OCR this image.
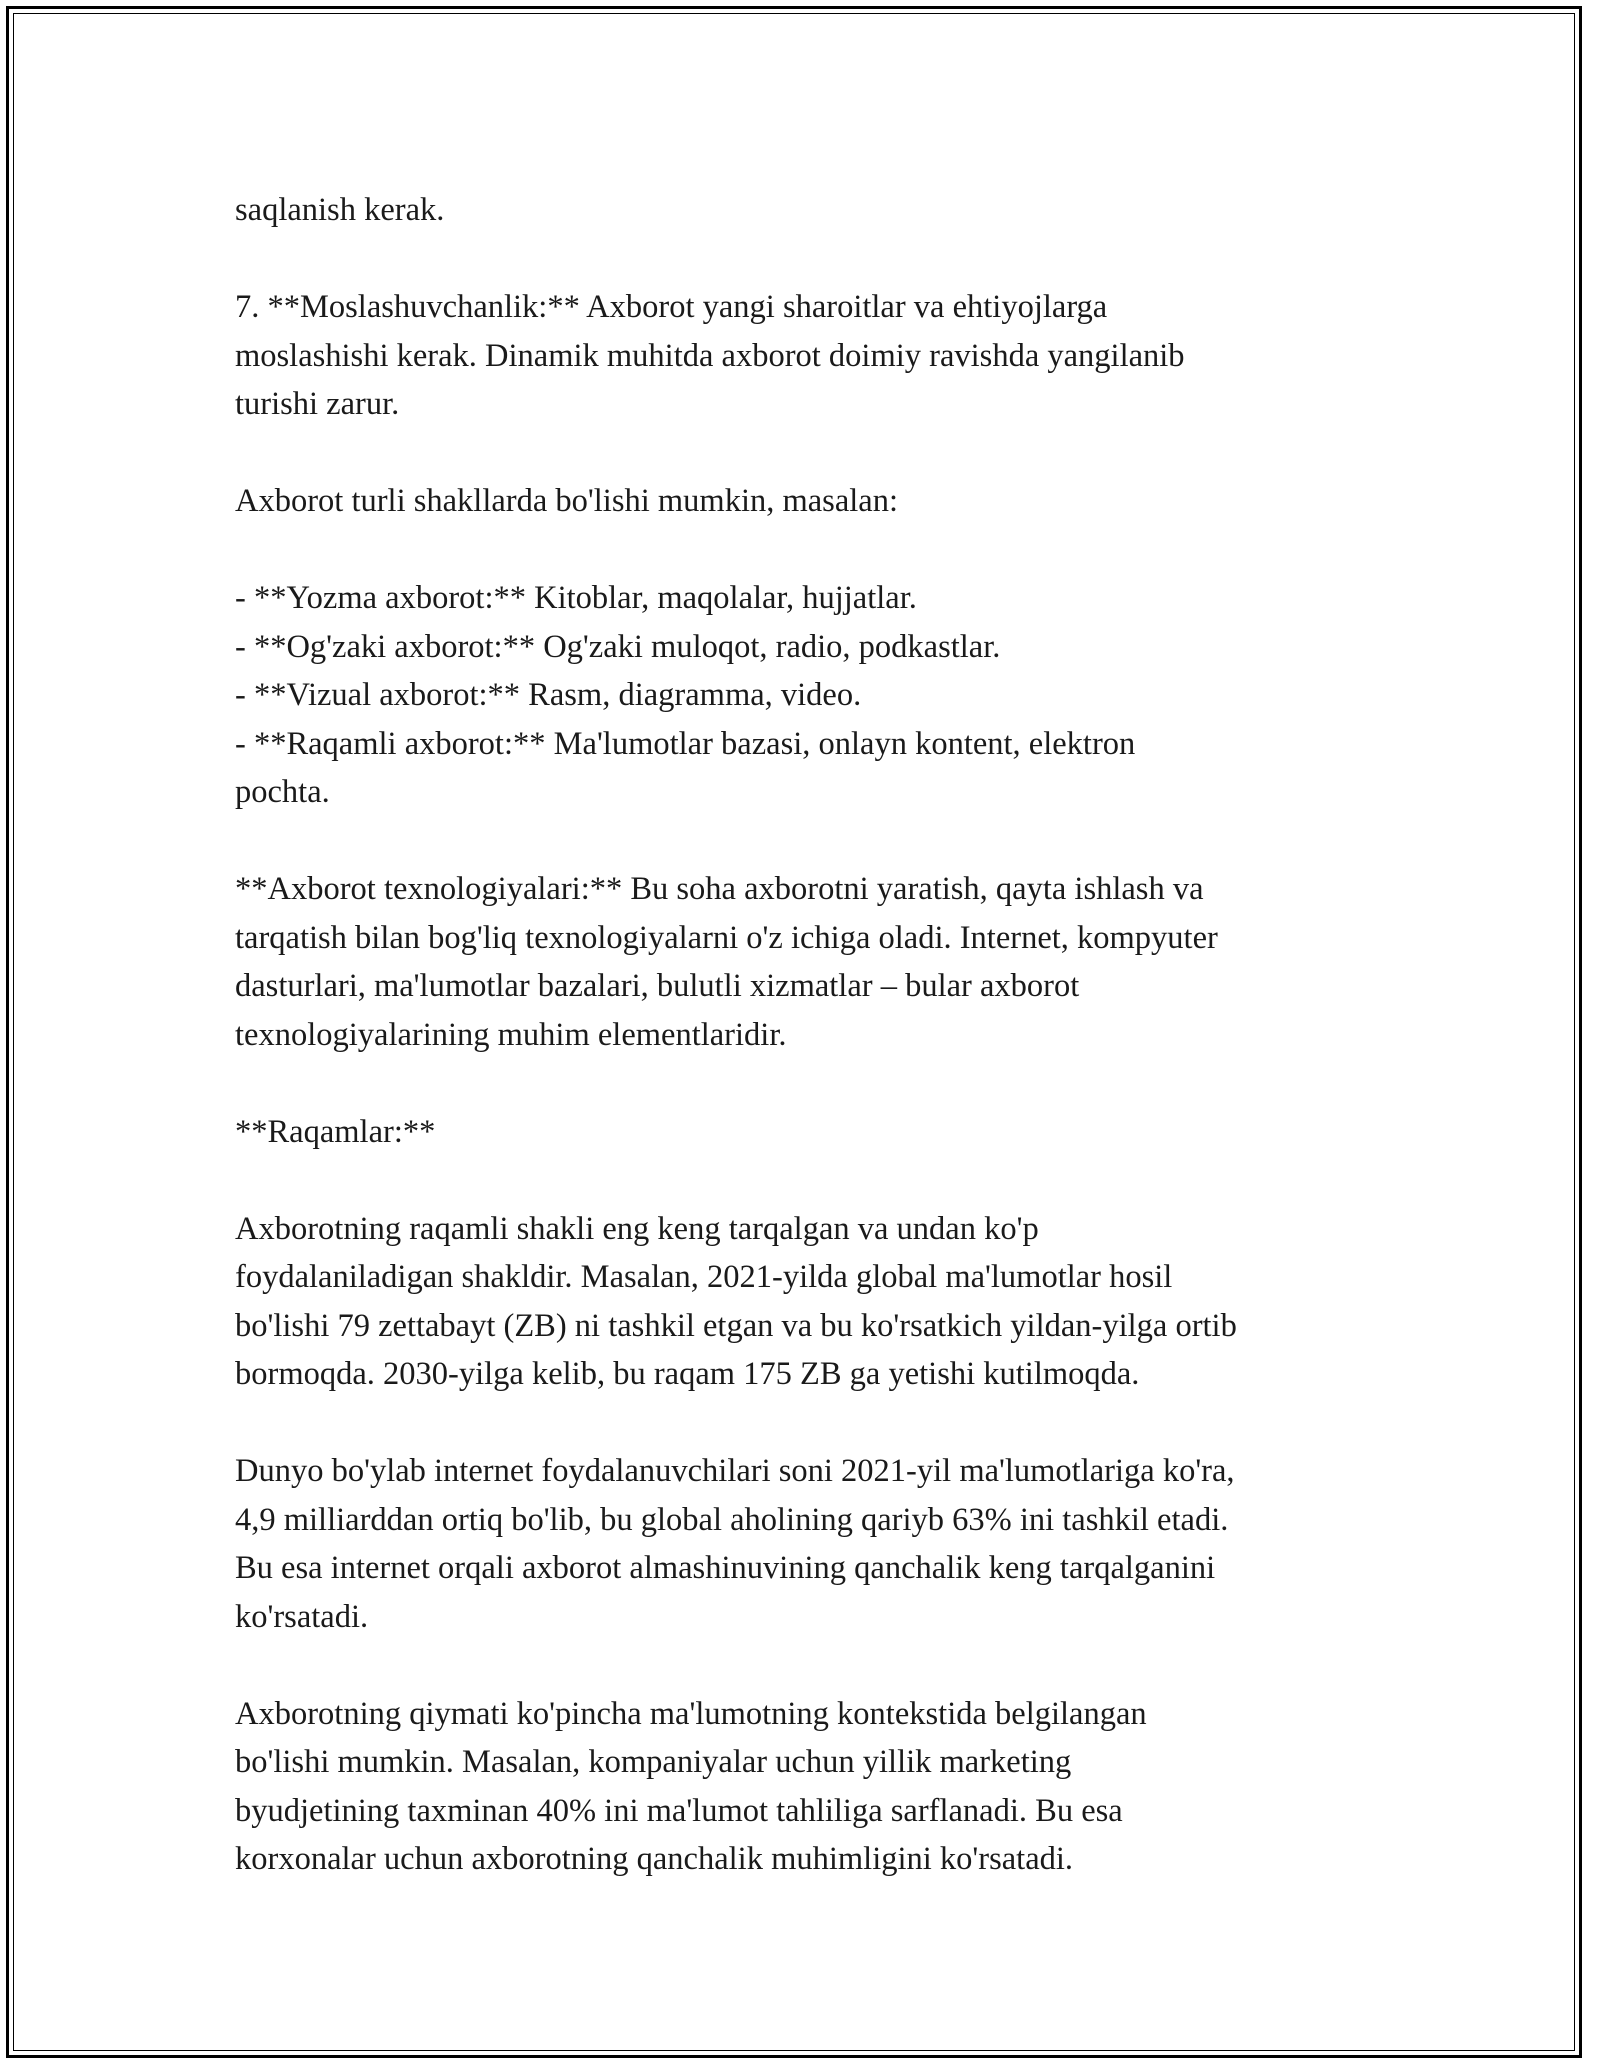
saqlanish kerak.

7. **Moslashuvchanlik:** Axborot yangi sharoitlar va ehtiyojlarga
moslashishi kerak. Dinamik muhitda axborot doimiy ravishda yangilanib
turishi zarur.

Axborot turli shakllarda bo'lishi mumkin, masalan:

- **Yozma axborot:** Kitoblar, maqolalar, hujjatlar.
- **Og'zaki axborot:** Og'zaki muloqot, radio, podkastlar.
- **Vizual axborot:** Rasm, diagramma, video.
- **Raqamli axborot:** Ma'lumotlar bazasi, onlayn kontent, elektron
pochta.

**Axborot texnologiyalari:** Bu soha axborotni yaratish, qayta ishlash va
tarqatish bilan bog'liq texnologiyalarni o'z ichiga oladi. Internet, kompyuter
dasturlari, ma'lumotlar bazalari, bulutli xizmatlar – bular axborot
texnologiyalarining muhim elementlaridir.

**Raqamlar:**

Axborotning raqamli shakli eng keng tarqalgan va undan ko'p
foydalaniladigan shakldir. Masalan, 2021-yilda global ma'lumotlar hosil
bo'lishi 79 zettabayt (ZB) ni tashkil etgan va bu ko'rsatkich yildan-yilga ortib
bormoqda. 2030-yilga kelib, bu raqam 175 ZB ga yetishi kutilmoqda.

Dunyo bo'ylab internet foydalanuvchilari soni 2021-yil ma'lumotlariga ko'ra,
4,9 milliarddan ortiq bo'lib, bu global aholining qariyb 63% ini tashkil etadi.
Bu esa internet orqali axborot almashinuvining qanchalik keng tarqalganini
ko'rsatadi.

Axborotning qiymati ko'pincha ma'lumotning kontekstida belgilangan
bo'lishi mumkin. Masalan, kompaniyalar uchun yillik marketing
byudjetining taxminan 40% ini ma'lumot tahliliga sarflanadi. Bu esa
korxonalar uchun axborotning qanchalik muhimligini ko'rsatadi.
